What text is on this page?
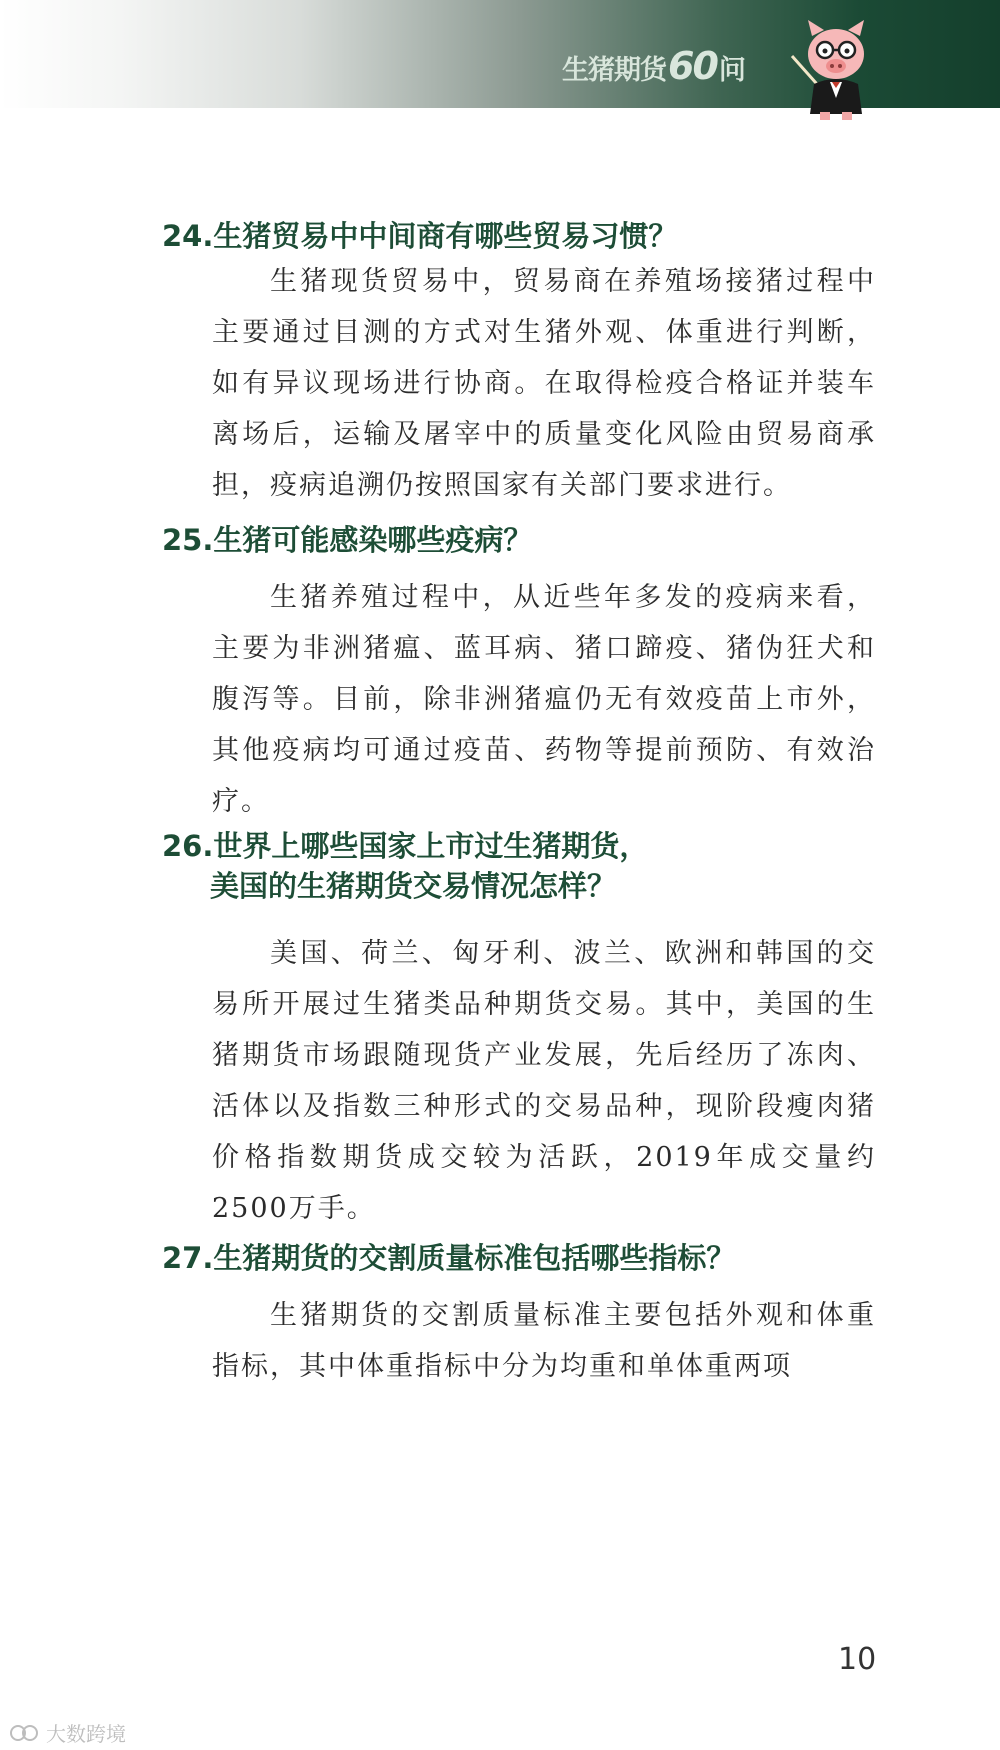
生猪期货 60 问
24.生猪贸易中中间商有哪些贸易习惯？

生猪现货贸易中，贸易商在养殖场接猪过程中主要通过目测的方式对生猪外观、体重进行判断，如有异议现场进行协商。在取得检疫合格证并装车离场后，运输及屠宰中的质量变化风险由贸易商承担，疫病追溯仍按照国家有关部门要求进行。

25.生猪可能感染哪些疫病？

生猪养殖过程中，从近些年多发的疫病来看，主要为非洲猪瘟、蓝耳病、猪口蹄疫、猪伪狂犬和腹泻等。目前，除非洲猪瘟仍无有效疫苗上市外，其他疫病均可通过疫苗、药物等提前预防、有效治疗。

26.世界上哪些国家上市过生猪期货，
美国的生猪期货交易情况怎样？

美国、荷兰、匈牙利、波兰、欧洲和韩国的交易所开展过生猪类品种期货交易。其中，美国的生猪期货市场跟随现货产业发展，先后经历了冻肉、活体以及指数三种形式的交易品种，现阶段瘦肉猪价格指数期货成交较为活跃，2019年成交量约2500万手。

27.生猪期货的交割质量标准包括哪些指标？

生猪期货的交割质量标准主要包括外观和体重指标，其中体重指标中分为均重和单体重两项

10
大数跨境
